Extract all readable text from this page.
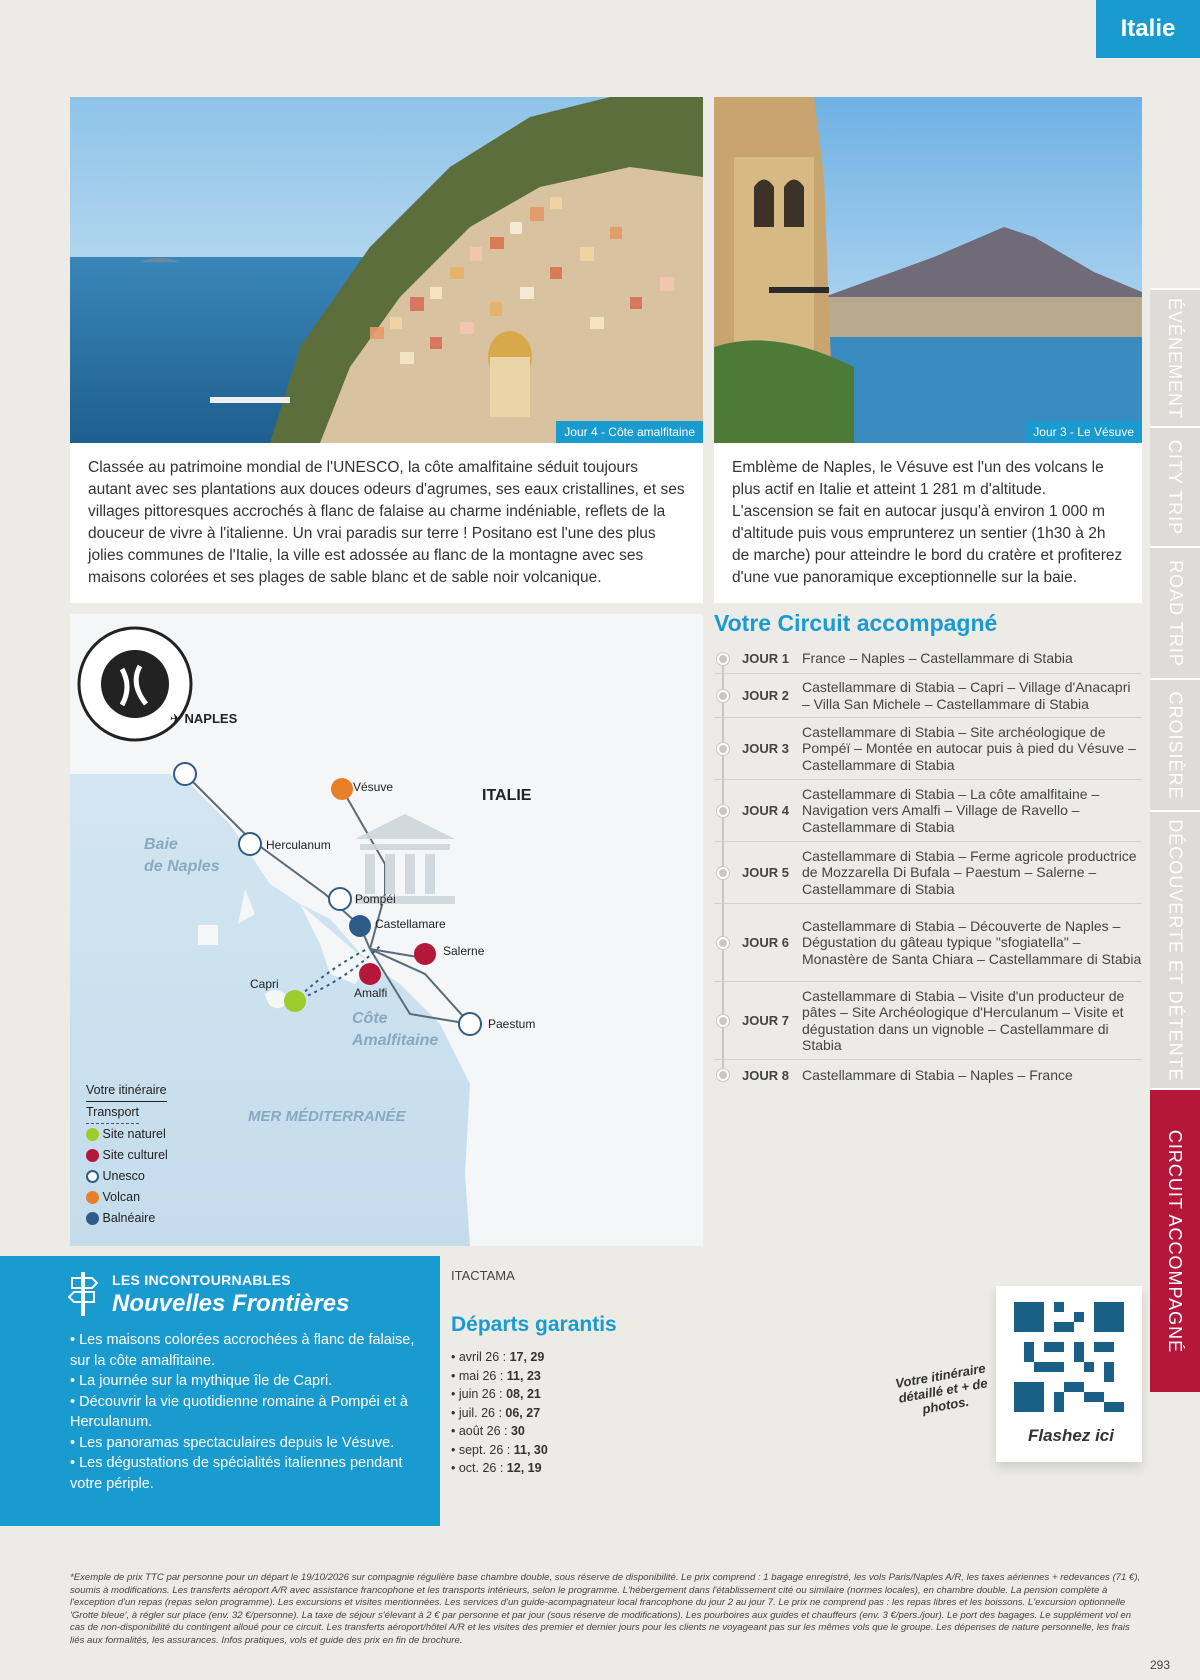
Italie
ÉVÉNEMENT
CITY TRIP
ROAD TRIP
CROISIÈRE
DÉCOUVERTE ET DÉTENTE
CIRCUIT ACCOMPAGNÉ
Jour 4 - Côte amalfitaine
Classée au patrimoine mondial de l'UNESCO, la côte amalfitaine séduit toujours autant avec ses plantations aux douces odeurs d'agrumes, ses eaux cristallines, et ses villages pittoresques accrochés à flanc de falaise au charme indéniable, reflets de la douceur de vivre à l'italienne. Un vrai paradis sur terre ! Positano est l'une des plus jolies communes de l'Italie, la ville est adossée au flanc de la montagne avec ses maisons colorées et ses plages de sable blanc et de sable noir volcanique.
Jour 3 - Le Vésuve
Emblème de Naples, le Vésuve est l'un des volcans le plus actif en Italie et atteint 1 281 m d'altitude. L'ascension se fait en autocar jusqu'à environ 1 000 m d'altitude puis vous emprunterez un sentier (1h30 à 2h de marche) pour atteindre le bord du cratère et profiterez d'une vue panoramique exceptionnelle sur la baie.
✈ NAPLES
Vésuve	ITALIE
Herculanum
Pompéi
Castellamare
Salerne
Capri
Amalfi
Paestum
Baie
de Naples
Côte
Amalfitaine
MER MÉDITERRANÉE
Votre itinéraire
Transport
Site naturel
Site culturel
Unesco
Volcan
Balnéaire
Votre Circuit accompagné
JOUR 1 France – Naples – Castellammare di Stabia
JOUR 2
Castellammare di Stabia – Capri – Village d'Anacapri – Villa San Michele – Castellammare di Stabia
JOUR 3
Castellammare di Stabia – Site archéologique de Pompéï – Montée en autocar puis à pied du Vésuve – Castellammare di Stabia
JOUR 4
Castellammare di Stabia – La côte amalfitaine – Navigation vers Amalfi – Village de Ravello – Castellammare di Stabia
JOUR 5
Castellammare di Stabia – Ferme agricole productrice de Mozzarella Di Bufala – Paestum – Salerne – Castellammare di Stabia
JOUR 6
Castellammare di Stabia – Découverte de Naples – Dégustation du gâteau typique "sfogiatella" – Monastère de Santa Chiara – Castellammare di Stabia
JOUR 7
Castellammare di Stabia – Visite d'un producteur de pâtes – Site Archéologique d'Herculanum – Visite et dégustation dans un vignoble – Castellammare di Stabia
JOUR 8 Castellammare di Stabia – Naples – France
LES INCONTOURNABLES
Nouvelles Frontières
• Les maisons colorées accrochées à flanc de falaise, sur la côte amalfitaine.
• La journée sur la mythique île de Capri.
• Découvrir la vie quotidienne romaine à Pompéi et à Herculanum.
• Les panoramas spectaculaires depuis le Vésuve.
• Les dégustations de spécialités italiennes pendant votre périple.
ITACTAMA
Départs garantis
• avril 26 : 17, 29
• mai 26 : 11, 23
• juin 26 : 08, 21
• juil. 26 : 06, 27
• août 26 : 30
• sept. 26 : 11, 30
• oct. 26 : 12, 19
Votre itinéraire détaillé et + de photos.
Flashez ici
*Exemple de prix TTC par personne pour un départ le 19/10/2026 sur compagnie régulière base chambre double, sous réserve de disponibilité. Le prix comprend : 1 bagage enregistré, les vols Paris/Naples A/R, les taxes aériennes + redevances (71 €), soumis à modifications. Les transferts aéroport A/R avec assistance francophone et les transports intérieurs, selon le programme. L'hébergement dans l'établissement cité ou similaire (normes locales), en chambre double. La pension complète à l'exception d'un repas (repas selon programme). Les excursions et visites mentionnées. Les services d'un guide-acompagnateur local francophone du jour 2 au jour 7. Le prix ne comprend pas : les repas libres et les boissons. L'excursion optionnelle 'Grotte bleue', à régler sur place (env. 32 €/personne). La taxe de séjour s'élevant à 2 € par personne et par jour (sous réserve de modifications). Les pourboires aux guides et chauffeurs (env. 3 €/pers./jour). Le port des bagages. Le supplément vol en cas de non-disponibilité du contingent alloué pour ce circuit. Les transferts aéroport/hôtel A/R et les visites des premier et dernier jours pour les clients ne voyageant pas sur les mêmes vols que le groupe. Les dépenses de nature personnelle, les frais liés aux formalités, les assurances. Infos pratiques, vols et guide des prix en fin de brochure.
293
